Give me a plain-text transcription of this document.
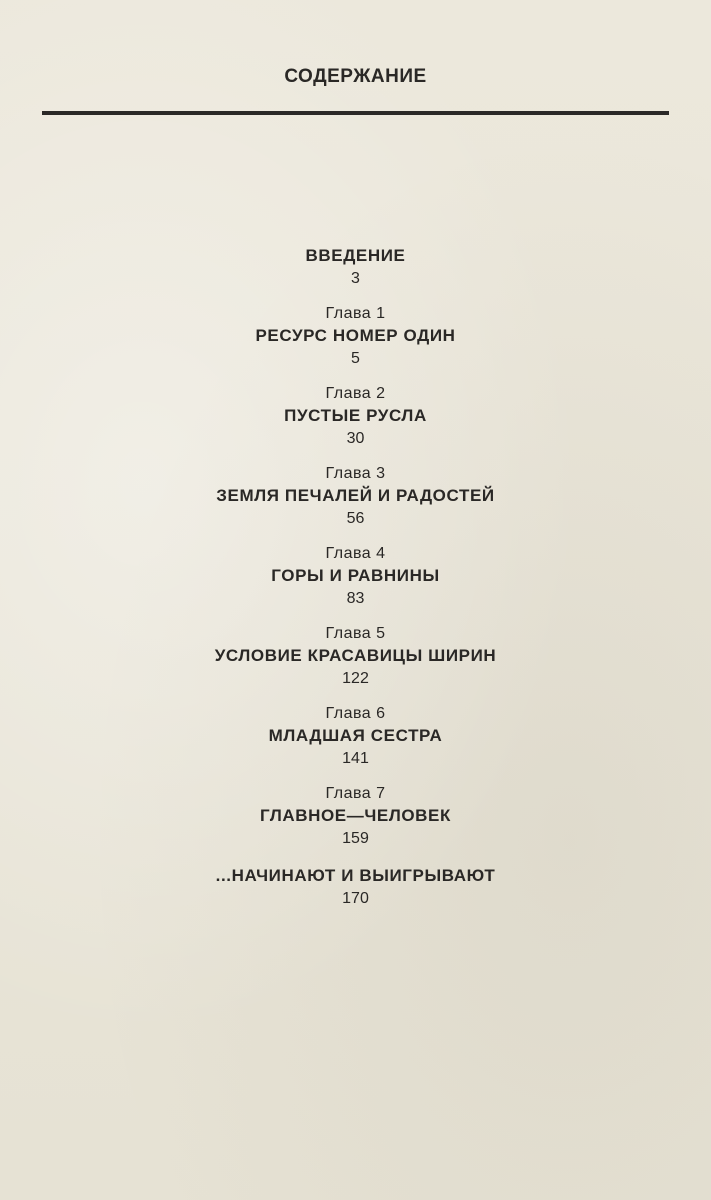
СОДЕРЖАНИЕ
ВВЕДЕНИЕ
3
Глава 1
РЕСУРС НОМЕР ОДИН
5
Глава 2
ПУСТЫЕ РУСЛА
30
Глава 3
ЗЕМЛЯ ПЕЧАЛЕЙ И РАДОСТЕЙ
56
Глава 4
ГОРЫ И РАВНИНЫ
83
Глава 5
УСЛОВИЕ КРАСАВИЦЫ ШИРИН
122
Глава 6
МЛАДШАЯ СЕСТРА
141
Глава 7
ГЛАВНОЕ—ЧЕЛОВЕК
159
...НАЧИНАЮТ И ВЫИГРЫВАЮТ
170
